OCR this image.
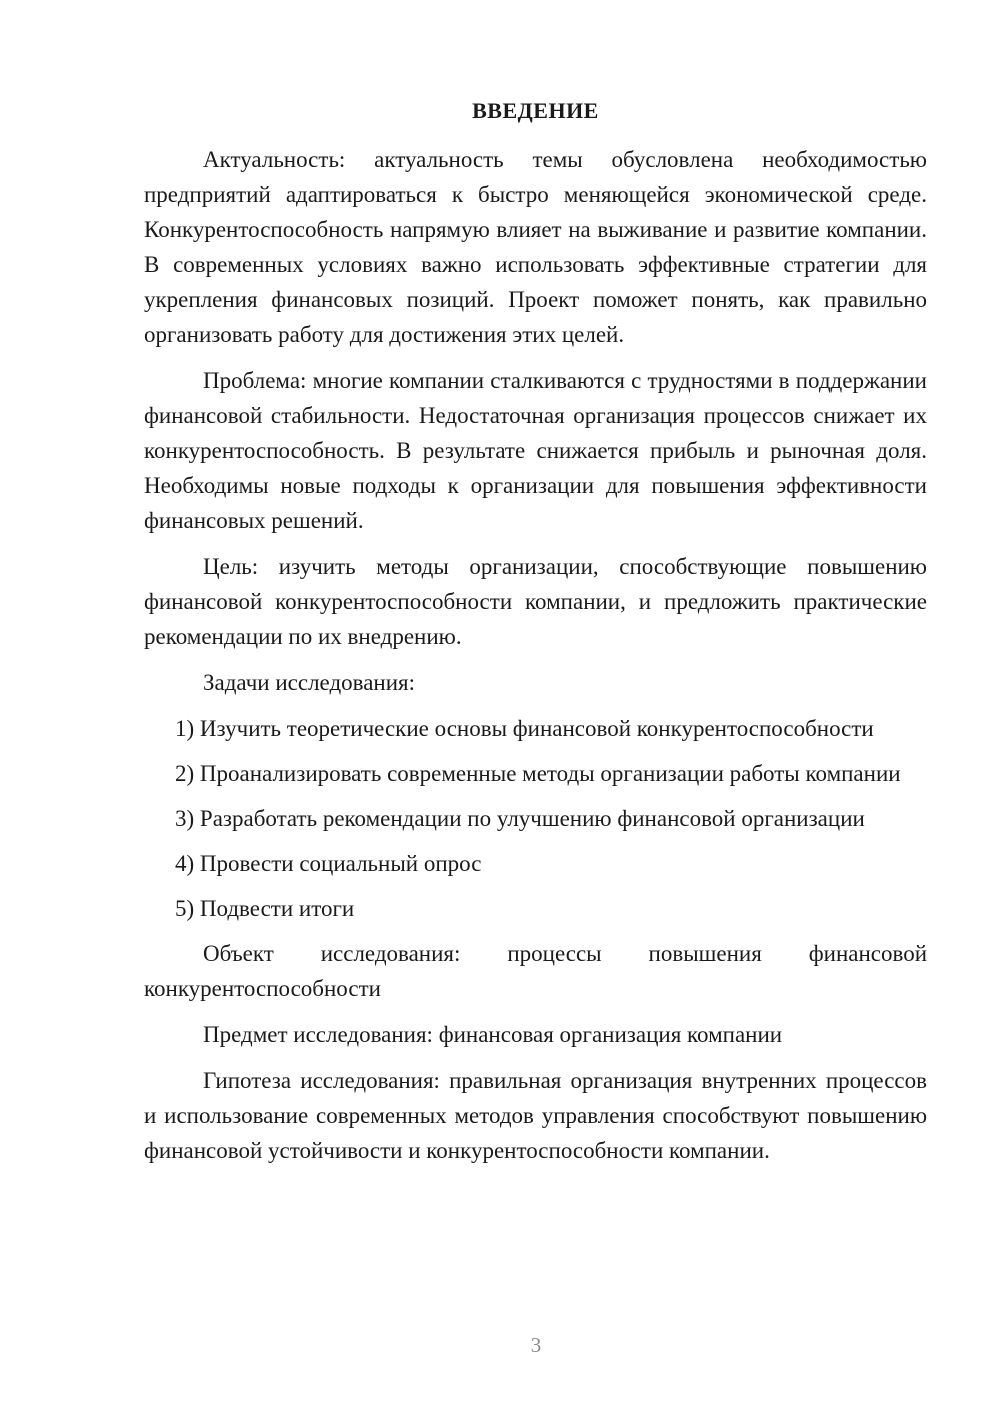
ВВЕДЕНИЕ

Актуальность: актуальность темы обусловлена необходимостью предприятий адаптироваться к быстро меняющейся экономической среде. Конкурентоспособность напрямую влияет на выживание и развитие компании. В современных условиях важно использовать эффективные стратегии для укрепления финансовых позиций. Проект поможет понять, как правильно организовать работу для достижения этих целей.

Проблема: многие компании сталкиваются с трудностями в поддержании финансовой стабильности. Недостаточная организация процессов снижает их конкурентоспособность. В результате снижается прибыль и рыночная доля. Необходимы новые подходы к организации для повышения эффективности финансовых решений.

Цель: изучить методы организации, способствующие повышению финансовой конкурентоспособности компании, и предложить практические рекомендации по их внедрению.

Задачи исследования:

1) Изучить теоретические основы финансовой конкурентоспособности

2) Проанализировать современные методы организации работы компании

3) Разработать рекомендации по улучшению финансовой организации

4) Провести социальный опрос

5) Подвести итоги

Объект исследования: процессы повышения финансовой конкурентоспособности

Предмет исследования: финансовая организация компании

Гипотеза исследования: правильная организация внутренних процессов и использование современных методов управления способствуют повышению финансовой устойчивости и конкурентоспособности компании.

3
